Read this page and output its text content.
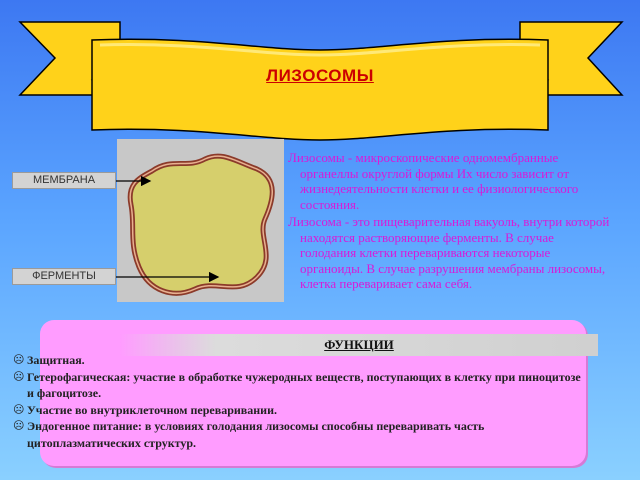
ЛИЗОСОМЫ
МЕМБРАНА
ФЕРМЕНТЫ

Лизосомы - микроскопические одномембранные органеллы округлой формы Их число зависит от жизнедеятельности клетки и ее физиологического состояния.

Лизосома - это пищеварительная вакуоль, внутри которой находятся растворяющие ферменты. В случае голодания клетки перевариваются некоторые органоиды. В случае разрушения мембраны лизосомы, клетка переваривает сама себя.

ФУНКЦИИ
☹ Защитная.
☹ Гетерофагическая: участие в обработке чужеродных веществ, поступающих в клетку при пиноцитозе и фагоцитозе.
☹ Участие во внутриклеточном переваривании.
☹ Эндогенное питание: в условиях голодания лизосомы способны переваривать часть цитоплазматических структур.
